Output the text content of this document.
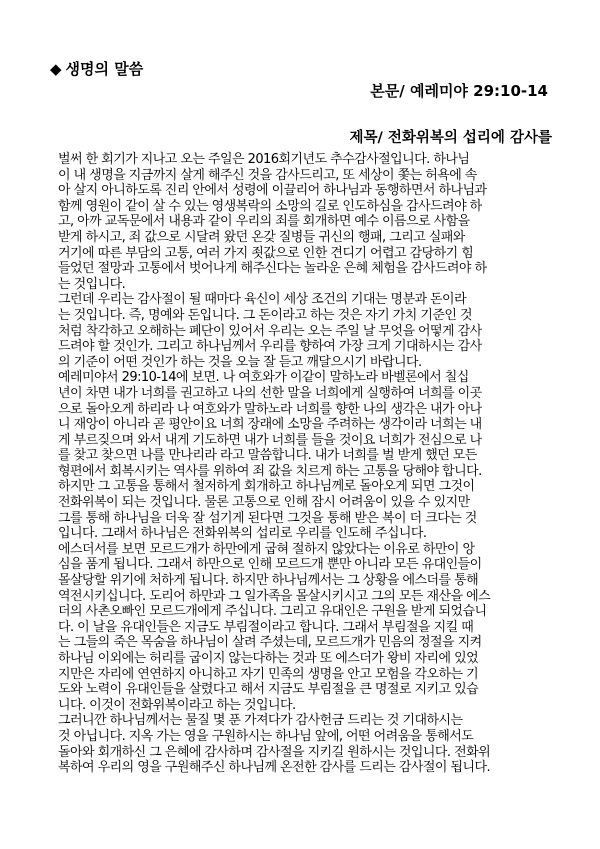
◆ 생명의 말씀
본문/ 예레미야 29:10-14
제목/ 전화위복의 섭리에 감사를
벌써 한 회기가 지나고 오는 주일은 2016회기년도 추수감사절입니다. 하나님
이 내 생명을 지금까지 살게 해주신 것을 감사드리고, 또 세상이 쫓는 허욕에 속
아 살지 아니하도록 진리 안에서 성령에 이끌리어 하나님과 동행하면서 하나님과
함께 영원이 같이 살 수 있는 영생복락의 소망의 길로 인도하심을 감사드려야 하
고, 아까 교독문에서 내용과 같이 우리의 죄를 회개하면 예수 이름으로 사함을
받게 하시고, 죄 값으로 시달려 왔던 온갖 질병들 귀신의 행패, 그리고 실패와
거기에 따른 부담의 고통, 여러 가지 죗값으로 인한 견디기 어렵고 감당하기 힘
들었던 절망과 고통에서 벗어나게 해주신다는 놀라운 은혜 체험을 감사드려야 하
는 것입니다.
그런데 우리는 감사절이 될 때마다 육신이 세상 조건의 기대는 명분과 돈이라
는 것입니다. 즉, 명예와 돈입니다. 그 돈이라고 하는 것은 자기 가치 기준인 것
처럼 착각하고 오해하는 폐단이 있어서 우리는 오는 주일 날 무엇을 어떻게 감사
드려야 할 것인가. 그리고 하나님께서 우리를 향하여 가장 크게 기대하시는 감사
의 기준이 어떤 것인가 하는 것을 오늘 잘 듣고 깨달으시기 바랍니다.
예레미야서 29:10-14에 보면. 나 여호와가 이같이 말하노라 바벨론에서 칠십
년이 차면 내가 너희를 권고하고 나의 선한 말을 너희에게 실행하여 너희를 이곳
으로 돌아오게 하리라 나 여호와가 말하노라 너희를 향한 나의 생각은 내가 아나
니 재앙이 아니라 곧 평안이요 너희 장래에 소망을 주려하는 생각이라 너희는 내
게 부르짖으며 와서 내게 기도하면 내가 너희를 들을 것이요 너희가 전심으로 나
를 찾고 찾으면 나를 만나리라 라고 말씀합니다. 내가 너희를 벌 받게 했던 모든
형편에서 회복시키는 역사를 위하여 죄 값을 치르게 하는 고통을 당해야 합니다.
하지만 그 고통을 통해서 철저하게 회개하고 하나님께로 돌아오게 되면 그것이
전화위복이 되는 것입니다. 물론 고통으로 인해 잠시 어려움이 있을 수 있지만
그를 통해 하나님을 더욱 잘 섬기게 된다면 그것을 통해 받은 복이 더 크다는 것
입니다. 그래서 하나님은 전화위복의 섭리로 우리를 인도해 주십니다.
에스더서를 보면 모르드개가 하만에게 굽혀 절하지 않았다는 이유로 하만이 앙
심을 품게 됩니다. 그래서 하만으로 인해 모르드개 뿐만 아니라 모든 유대인들이
몰살당할 위기에 처하게 됩니다. 하지만 하나님께서는 그 상황을 에스더를 통해
역전시키십니다. 도리어 하만과 그 일가족을 몰살시키시고 그의 모든 재산을 에스
더의 사촌오빠인 모르드개에게 주십니다. 그리고 유대인은 구원을 받게 되었습니
다. 이 날을 유대인들은 지금도 부림절이라고 합니다. 그래서 부림절을 지킬 때
는 그들의 죽은 목숨을 하나님이 살려 주셨는데, 모르드개가 민음의 정절을 지켜
하나님 이외에는 허리를 굽이지 않는다하는 것과 또 에스더가 왕비 자리에 있었
지만은 자리에 연연하지 아니하고 자기 민족의 생명을 안고 모험을 각오하는 기
도와 노력이 유대인들을 살렸다고 해서 지금도 부림절을 큰 명절로 지키고 있습
니다. 이것이 전화위복이라고 하는 것입니다.
그러니깐 하나님께서는 물질 몇 푼 가져다가 감사헌금 드리는 것 기대하시는
것 아닙니다. 지옥 가는 영을 구원하시는 하나님 앞에, 어떤 어려움을 통해서도
돌아와 회개하신 그 은혜에 감사하며 감사절을 지키길 원하시는 것입니다. 전화위
복하여 우리의 영을 구원해주신 하나님께 온전한 감사를 드리는 감사절이 됩니다.
